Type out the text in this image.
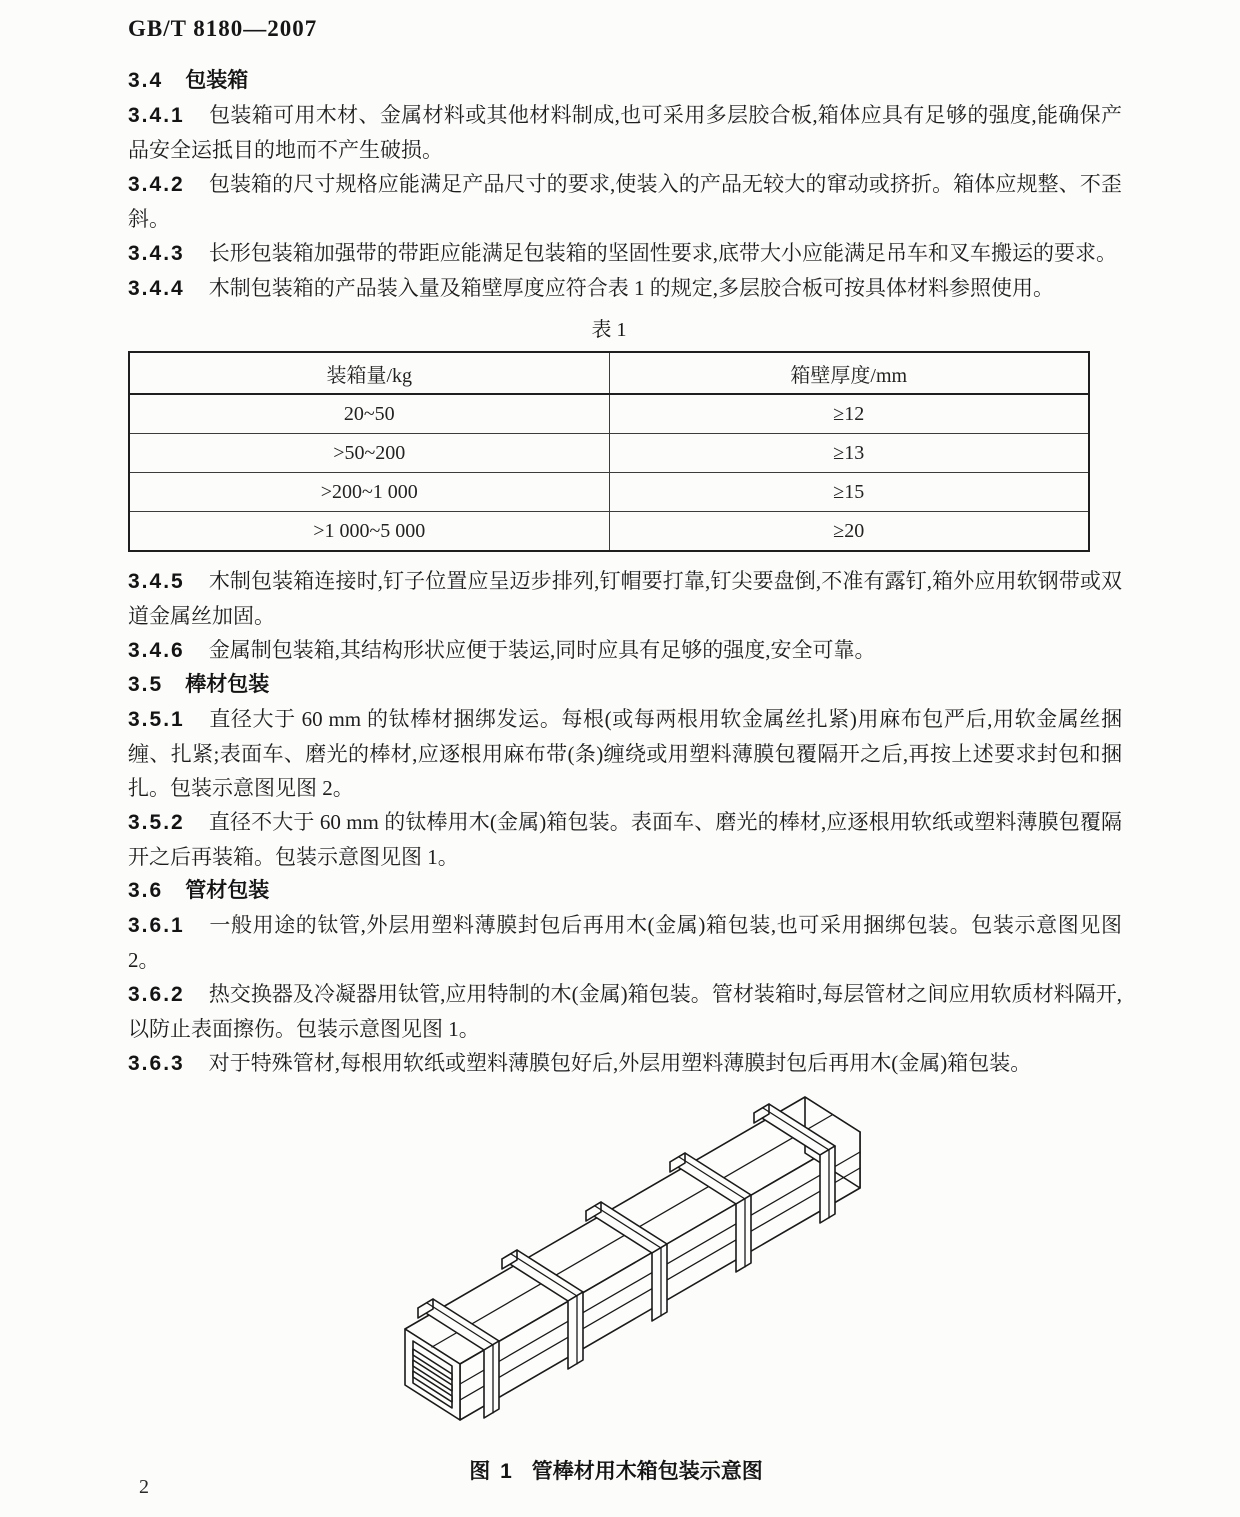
GB/T 8180—2007
3.4 包装箱

3.4.1 包装箱可用木材、金属材料或其他材料制成,也可采用多层胶合板,箱体应具有足够的强度,能确保产品安全运抵目的地而不产生破损。

3.4.2 包装箱的尺寸规格应能满足产品尺寸的要求,使装入的产品无较大的窜动或挤折。箱体应规整、不歪斜。

3.4.3 长形包装箱加强带的带距应能满足包装箱的坚固性要求,底带大小应能满足吊车和叉车搬运的要求。

3.4.4 木制包装箱的产品装入量及箱壁厚度应符合表 1 的规定,多层胶合板可按具体材料参照使用。

表 1
装箱量/kg	箱壁厚度/mm
20~50	≥12
>50~200	≥13
>200~1 000	≥15
>1 000~5 000	≥20

3.4.5 木制包装箱连接时,钉子位置应呈迈步排列,钉帽要打靠,钉尖要盘倒,不准有露钉,箱外应用软钢带或双道金属丝加固。

3.4.6 金属制包装箱,其结构形状应便于装运,同时应具有足够的强度,安全可靠。

3.5 棒材包装

3.5.1 直径大于 60 mm 的钛棒材捆绑发运。每根(或每两根用软金属丝扎紧)用麻布包严后,用软金属丝捆缠、扎紧;表面车、磨光的棒材,应逐根用麻布带(条)缠绕或用塑料薄膜包覆隔开之后,再按上述要求封包和捆扎。包装示意图见图 2。

3.5.2 直径不大于 60 mm 的钛棒用木(金属)箱包装。表面车、磨光的棒材,应逐根用软纸或塑料薄膜包覆隔开之后再装箱。包装示意图见图 1。

3.6 管材包装

3.6.1 一般用途的钛管,外层用塑料薄膜封包后再用木(金属)箱包装,也可采用捆绑包装。包装示意图见图 2。

3.6.2 热交换器及冷凝器用钛管,应用特制的木(金属)箱包装。管材装箱时,每层管材之间应用软质材料隔开,以防止表面擦伤。包装示意图见图 1。

3.6.3 对于特殊管材,每根用软纸或塑料薄膜包好后,外层用塑料薄膜封包后再用木(金属)箱包装。

图 1 管棒材用木箱包装示意图
2
